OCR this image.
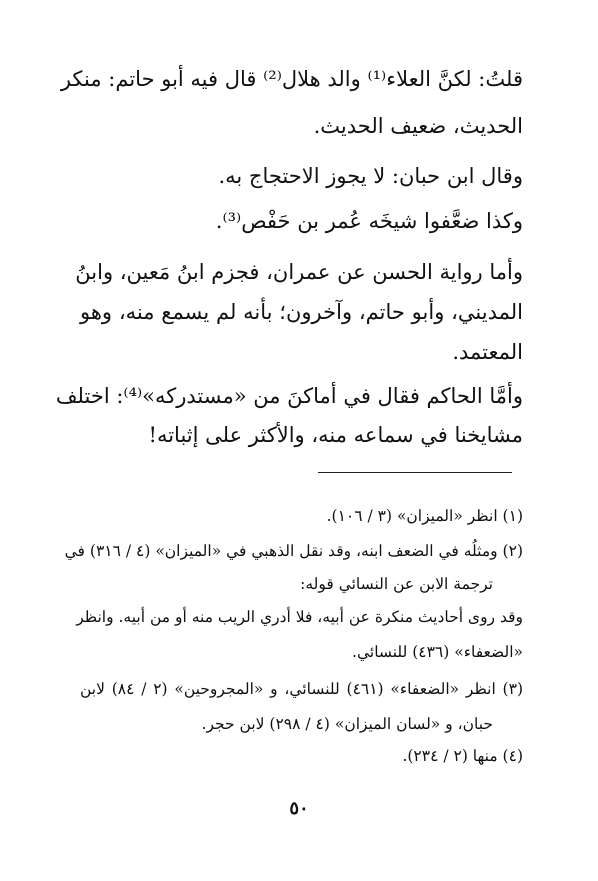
قلتُ: لكنَّ العلاء⁽¹⁾ والد هلال⁽²⁾ قال فيه أبو حاتم: منكر
الحديث، ضعيف الحديث.
وقال ابن حبان: لا يجوز الاحتجاج به.
وكذا ضعَّفوا شيخَه عُمر بن حَفْص⁽³⁾.
وأما رواية الحسن عن عمران، فجزم ابنُ مَعين، وابنُ
المديني، وأبو حاتم، وآخرون؛ بأنه لم يسمع منه، وهو
المعتمد.
وأمَّا الحاكم فقال في أماكنَ من «مستدركه»⁽⁴⁾: اختلف
مشايخنا في سماعه منه، والأكثر على إثباته!
(١) انظر «الميزان» (٣ / ١٠٦).
(٢) ومثلُه في الضعف ابنه، وقد نقل الذهبي في «الميزان» (٤ / ٣١٦) في
ترجمة الابن عن النسائي قوله:
وقد روى أحاديث منكرة عن أبيه، فلا أدري الريب منه أو من أبيه. وانظر
«الضعفاء» (٤٣٦) للنسائي.
(٣) انظر «الضعفاء» (٤٦١) للنسائي، و «المجروحين» (٢ / ٨٤) لابن
حبان، و «لسان الميزان» (٤ / ٢٩٨) لابن حجر.
(٤) منها (٢ / ٢٣٤).
٥٠
